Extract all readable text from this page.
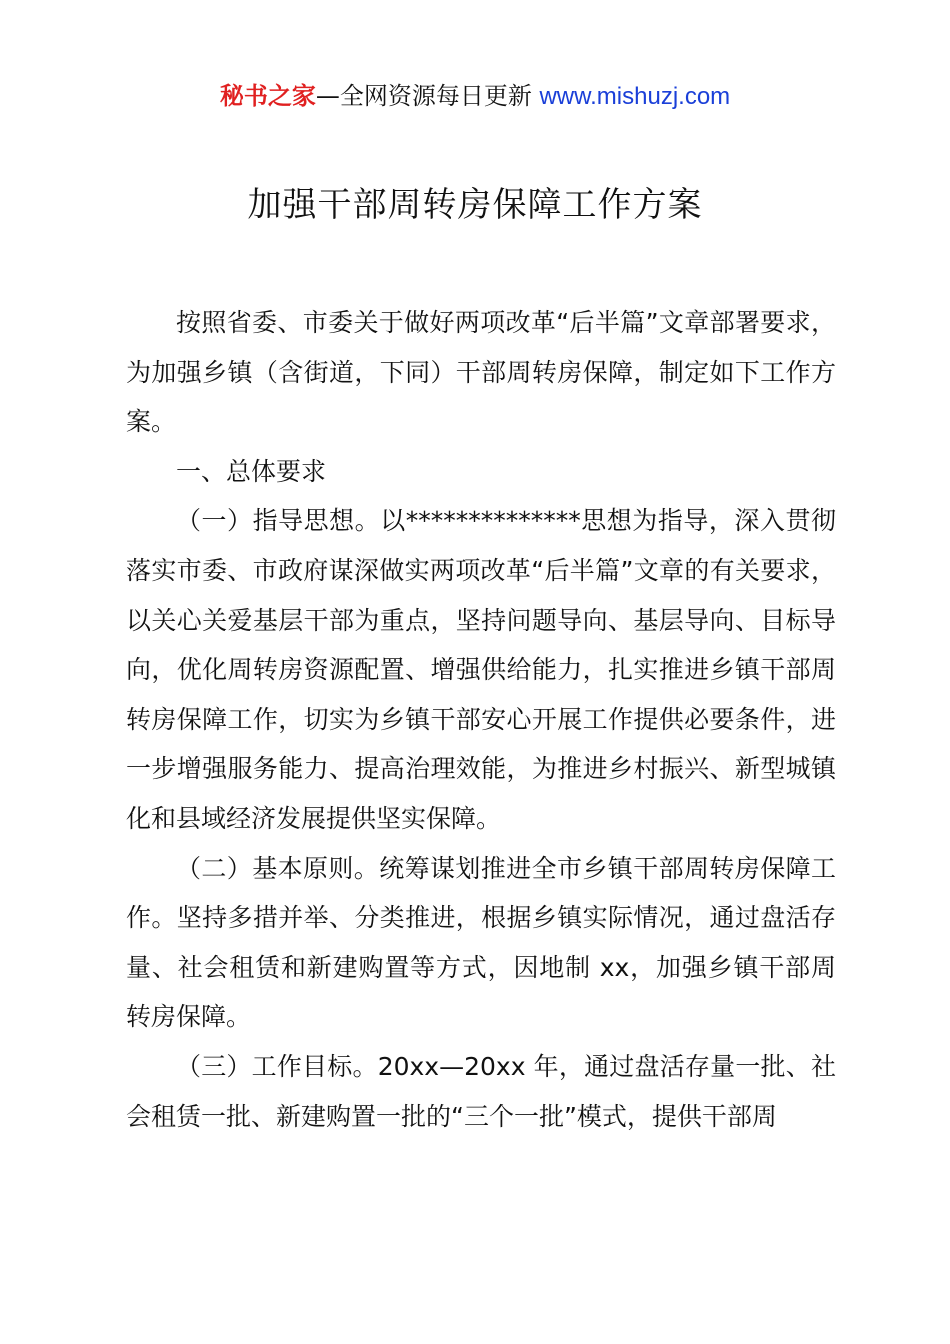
秘书之家—全网资源每日更新 www.mishuzj.com
加强干部周转房保障工作方案

按照省委、市委关于做好两项改革“后半篇”文章部署要求，为加强乡镇（含街道，下同）干部周转房保障，制定如下工作方案。

一、总体要求

（一）指导思想。以**************思想为指导，深入贯彻落实市委、市政府谋深做实两项改革“后半篇”文章的有关要求，以关心关爱基层干部为重点，坚持问题导向、基层导向、目标导向，优化周转房资源配置、增强供给能力，扎实推进乡镇干部周转房保障工作，切实为乡镇干部安心开展工作提供必要条件，进一步增强服务能力、提高治理效能，为推进乡村振兴、新型城镇化和县域经济发展提供坚实保障。

（二）基本原则。统筹谋划推进全市乡镇干部周转房保障工作。坚持多措并举、分类推进，根据乡镇实际情况，通过盘活存量、社会租赁和新建购置等方式，因地制 xx，加强乡镇干部周转房保障。

（三）工作目标。20xx—20xx 年，通过盘活存量一批、社会租赁一批、新建购置一批的“三个一批”模式，提供干部周
